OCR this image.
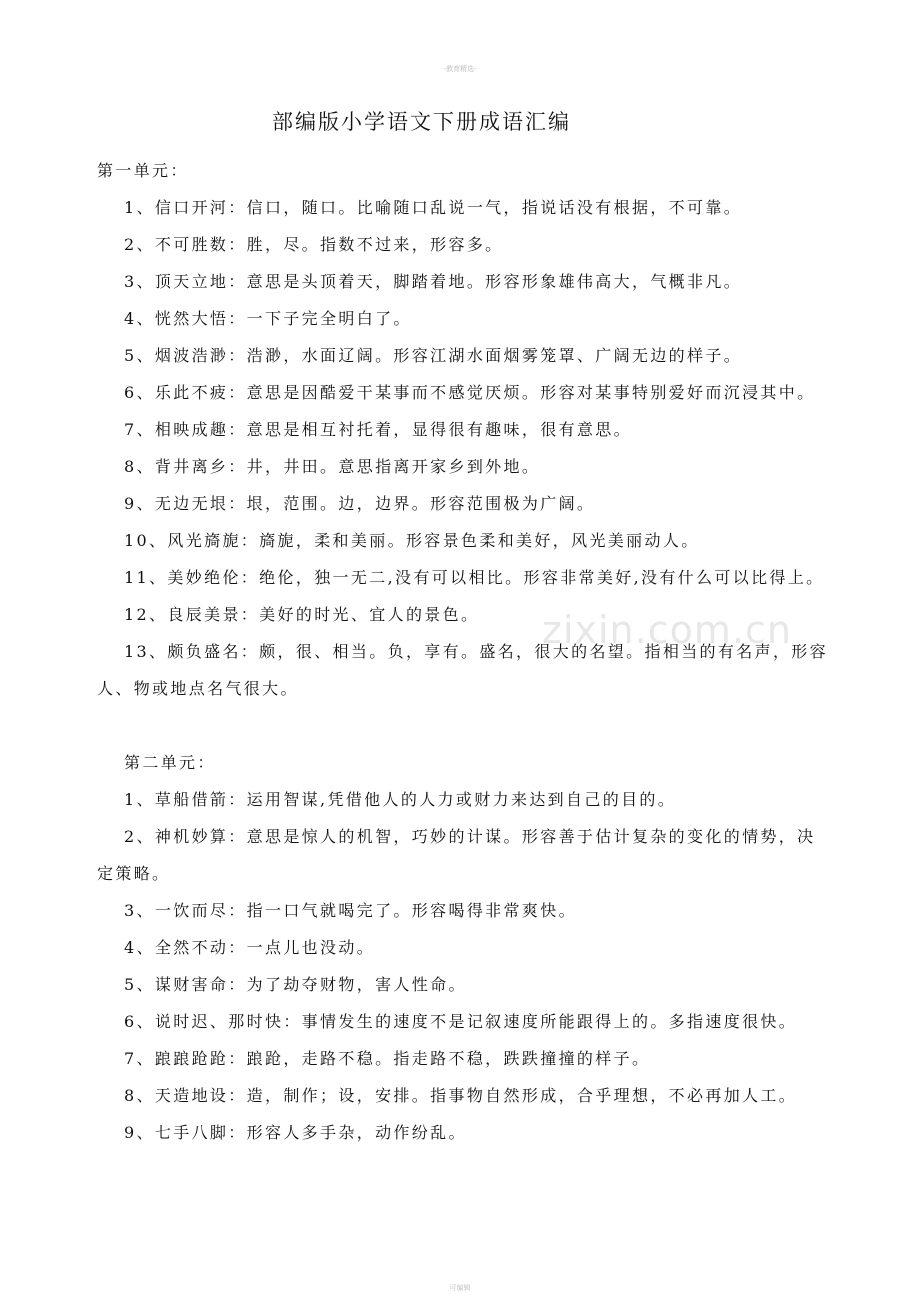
-教育精选-
部编版小学语文下册成语汇编
zixin.com.cn
第一单元：
1、信口开河：信口，随口。比喻随口乱说一气，指说话没有根据，不可靠。
2、不可胜数：胜，尽。指数不过来，形容多。
3、顶天立地：意思是头顶着天，脚踏着地。形容形象雄伟高大，气概非凡。
4、恍然大悟：一下子完全明白了。
5、烟波浩渺：浩渺，水面辽阔。形容江湖水面烟雾笼罩、广阔无边的样子。
6、乐此不疲：意思是因酷爱干某事而不感觉厌烦。形容对某事特别爱好而沉浸其中。
7、相映成趣：意思是相互衬托着，显得很有趣味，很有意思。
8、背井离乡：井，井田。意思指离开家乡到外地。
9、无边无垠：垠，范围。边，边界。形容范围极为广阔。
10、风光旖旎：旖旎，柔和美丽。形容景色柔和美好，风光美丽动人。
11、美妙绝伦：绝伦，独一无二,没有可以相比。形容非常美好,没有什么可以比得上。
12、良辰美景：美好的时光、宜人的景色。
13、颇负盛名：颇，很、相当。负，享有。盛名，很大的名望。指相当的有名声，形容
人、物或地点名气很大。
第二单元：
1、草船借箭：运用智谋,凭借他人的人力或财力来达到自己的目的。
2、神机妙算：意思是惊人的机智，巧妙的计谋。形容善于估计复杂的变化的情势，决
定策略。
3、一饮而尽：指一口气就喝完了。形容喝得非常爽快。
4、全然不动：一点儿也没动。
5、谋财害命：为了劫夺财物，害人性命。
6、说时迟、那时快：事情发生的速度不是记叙速度所能跟得上的。多指速度很快。
7、踉踉跄跄：踉跄，走路不稳。指走路不稳，跌跌撞撞的样子。
8、天造地设：造，制作；设，安排。指事物自然形成，合乎理想，不必再加人工。
9、七手八脚：形容人多手杂，动作纷乱。
可编辑
